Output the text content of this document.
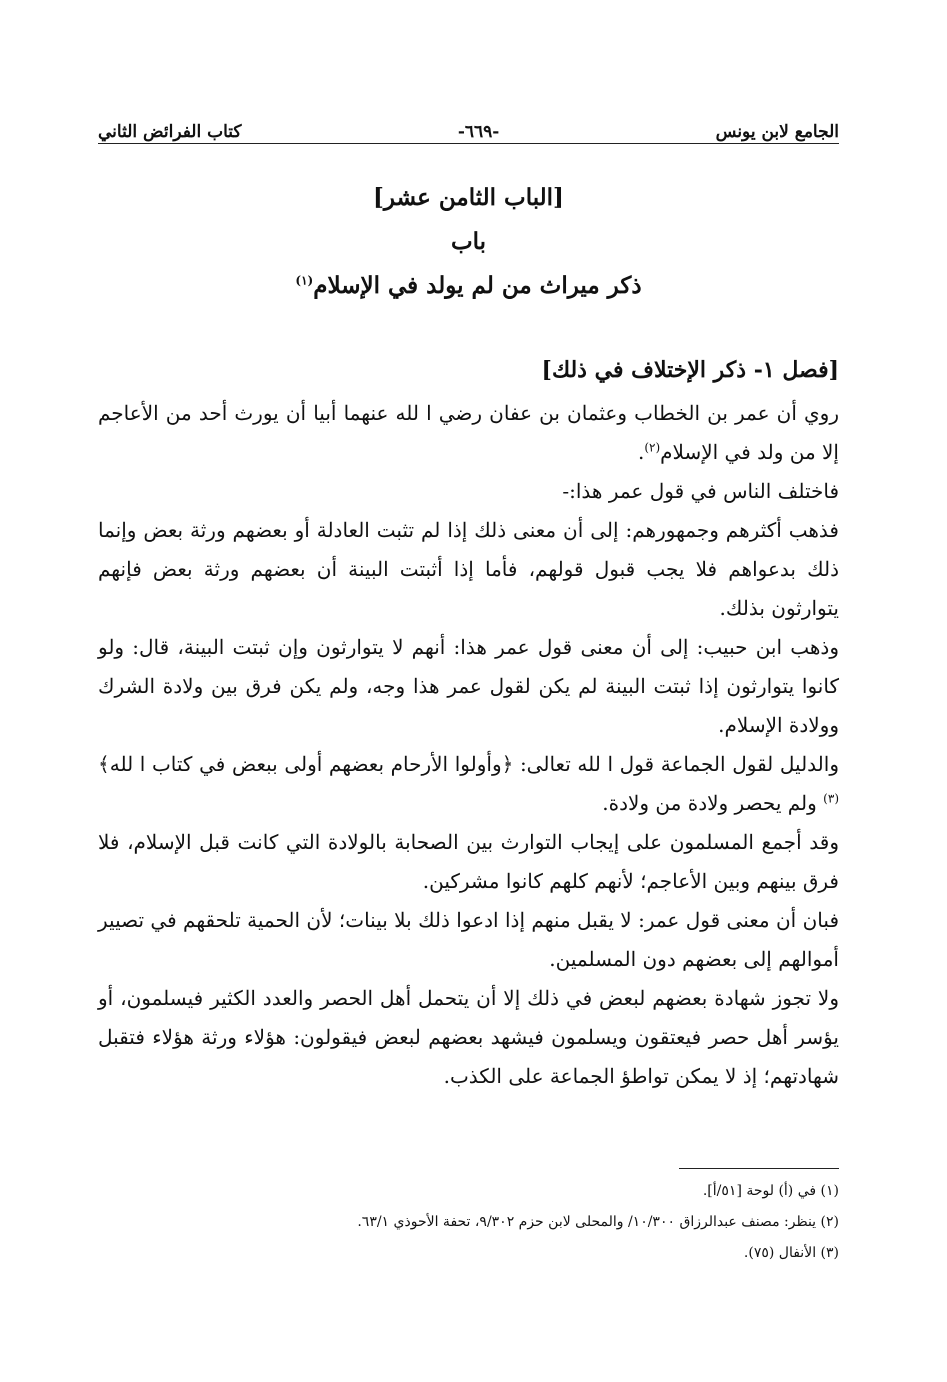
الجامع لابن يونس
-٦٦٩-
كتاب الفرائض الثاني
[الباب الثامن عشر]
باب
ذكر ميراث من لم يولد في الإسلام$^{(١)}$
[فصل ١- ذكر الإختلاف في ذلك]

روي أن عمر بن الخطاب وعثمان بن عفان رضي ا لله عنهما أبيا أن يورث أحد من الأعاجم إلا من ولد في الإسلام$^{(٢)}$.

فاختلف الناس في قول عمر هذا:-

فذهب أكثرهم وجمهورهم: إلى أن معنى ذلك إذا لم تثبت العادلة أو بعضهم ورثة بعض وإنما ذلك بدعواهم فلا يجب قبول قولهم، فأما إذا أثبتت البينة أن بعضهم ورثة بعض فإنهم يتوارثون بذلك.

وذهب ابن حبيب: إلى أن معنى قول عمر هذا: أنهم لا يتوارثون وإن ثبتت البينة، قال: ولو كانوا يتوارثون إذا ثبتت البينة لم يكن لقول عمر هذا وجه، ولم يكن فرق بين ولادة الشرك وولادة الإسلام.

والدليل لقول الجماعة قول ا لله تعالى: ﴿وأولوا الأرحام بعضهم أولى ببعض في كتاب ا لله﴾$^{(٣)}$ ولم يحصر ولادة من ولادة.

وقد أجمع المسلمون على إيجاب التوارث بين الصحابة بالولادة التي كانت قبل الإسلام، فلا فرق بينهم وبين الأعاجم؛ لأنهم كلهم كانوا مشركين.

فبان أن معنى قول عمر: لا يقبل منهم إذا ادعوا ذلك بلا بينات؛ لأن الحمية تلحقهم في تصيير أموالهم إلى بعضهم دون المسلمين.

ولا تجوز شهادة بعضهم لبعض في ذلك إلا أن يتحمل أهل الحصر والعدد الكثير فيسلمون، أو يؤسر أهل حصر فيعتقون ويسلمون فيشهد بعضهم لبعض فيقولون: هؤلاء ورثة هؤلاء فتقبل شهادتهم؛ إذ لا يمكن تواطؤ الجماعة على الكذب.

(١) في (أ) لوحة [٥١/أ].
(٢) ينظر: مصنف عبدالرزاق ١٠/٣٠٠/ والمحلى لابن حزم ٩/٣٠٢، تحفة الأحوذي ٦٣/١.
(٣) الأنفال (٧٥).
